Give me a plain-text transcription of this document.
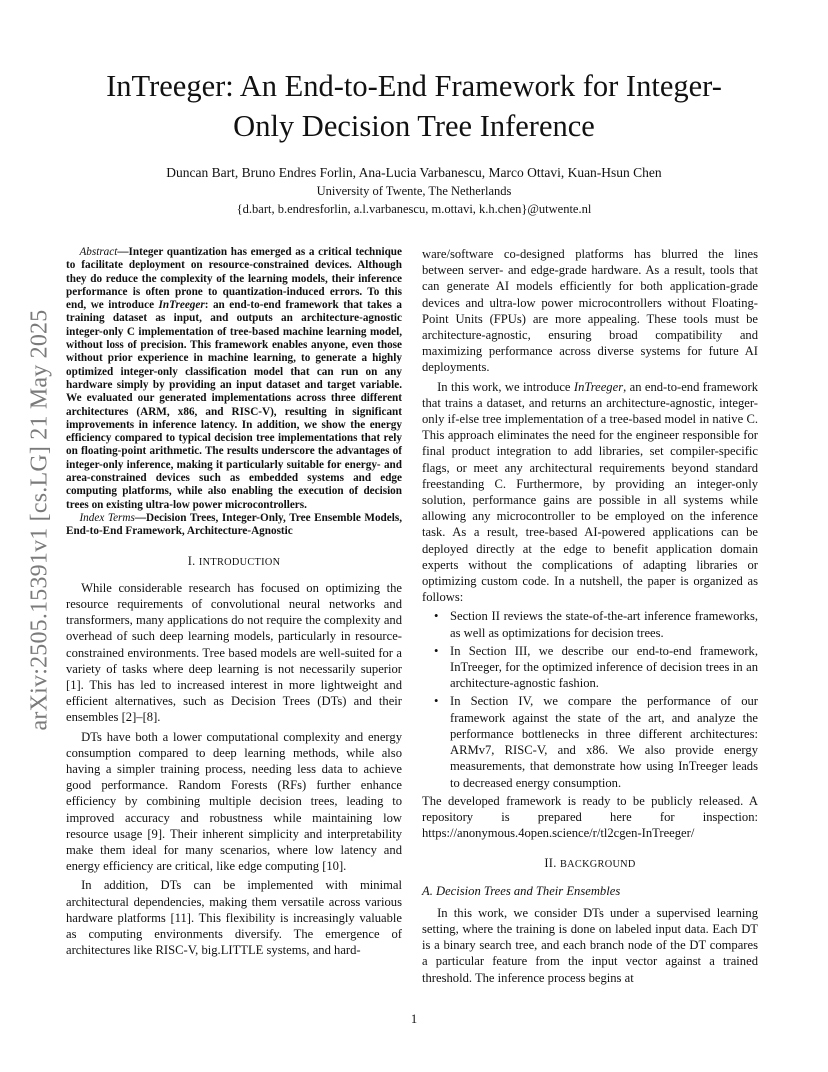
InTreeger: An End-to-End Framework for Integer-Only Decision Tree Inference
Duncan Bart, Bruno Endres Forlin, Ana-Lucia Varbanescu, Marco Ottavi, Kuan-Hsun Chen
University of Twente, The Netherlands
{d.bart, b.endresforlin, a.l.varbanescu, m.ottavi, k.h.chen}@utwente.nl
arXiv:2505.15391v1 [cs.LG] 21 May 2025

Abstract—Integer quantization has emerged as a critical technique to facilitate deployment on resource-constrained devices. Although they do reduce the complexity of the learning models, their inference performance is often prone to quantization-induced errors. To this end, we introduce InTreeger: an end-to-end framework that takes a training dataset as input, and outputs an architecture-agnostic integer-only C implementation of tree-based machine learning model, without loss of precision. This framework enables anyone, even those without prior experience in machine learning, to generate a highly optimized integer-only classification model that can run on any hardware simply by providing an input dataset and target variable. We evaluated our generated implementations across three different architectures (ARM, x86, and RISC-V), resulting in significant improvements in inference latency. In addition, we show the energy efficiency compared to typical decision tree implementations that rely on floating-point arithmetic. The results underscore the advantages of integer-only inference, making it particularly suitable for energy- and area-constrained devices such as embedded systems and edge computing platforms, while also enabling the execution of decision trees on existing ultra-low power microcontrollers.

Index Terms—Decision Trees, Integer-Only, Tree Ensemble Models, End-to-End Framework, Architecture-Agnostic

I. INTRODUCTION

While considerable research has focused on optimizing the resource requirements of convolutional neural networks and transformers, many applications do not require the complexity and overhead of such deep learning models, particularly in resource-constrained environments. Tree based models are well-suited for a variety of tasks where deep learning is not necessarily superior [1]. This has led to increased interest in more lightweight and efficient alternatives, such as Decision Trees (DTs) and their ensembles [2]–[8].

DTs have both a lower computational complexity and energy consumption compared to deep learning methods, while also having a simpler training process, needing less data to achieve good performance. Random Forests (RFs) further enhance efficiency by combining multiple decision trees, leading to improved accuracy and robustness while maintaining low resource usage [9]. Their inherent simplicity and interpretability make them ideal for many scenarios, where low latency and energy efficiency are critical, like edge computing [10].

In addition, DTs can be implemented with minimal architectural dependencies, making them versatile across various hardware platforms [11]. This flexibility is increasingly valuable as computing environments diversify. The emergence of architectures like RISC-V, big.LITTLE systems, and hard-

ware/software co-designed platforms has blurred the lines between server- and edge-grade hardware. As a result, tools that can generate AI models efficiently for both application-grade devices and ultra-low power microcontrollers without Floating-Point Units (FPUs) are more appealing. These tools must be architecture-agnostic, ensuring broad compatibility and maximizing performance across diverse systems for future AI deployments.

In this work, we introduce InTreeger, an end-to-end framework that trains a dataset, and returns an architecture-agnostic, integer-only if-else tree implementation of a tree-based model in native C. This approach eliminates the need for the engineer responsible for final product integration to add libraries, set compiler-specific flags, or meet any architectural requirements beyond standard freestanding C. Furthermore, by providing an integer-only solution, performance gains are possible in all systems while allowing any microcontroller to be employed on the inference task. As a result, tree-based AI-powered applications can be deployed directly at the edge to benefit application domain experts without the complications of adapting libraries or optimizing custom code. In a nutshell, the paper is organized as follows:

• Section II reviews the state-of-the-art inference frameworks, as well as optimizations for decision trees.
• In Section III, we describe our end-to-end framework, InTreeger, for the optimized inference of decision trees in an architecture-agnostic fashion.
• In Section IV, we compare the performance of our framework against the state of the art, and analyze the performance bottlenecks in three different architectures: ARMv7, RISC-V, and x86. We also provide energy measurements, that demonstrate how using InTreeger leads to decreased energy consumption.

The developed framework is ready to be publicly released. A repository is prepared here for inspection: https://anonymous.4open.science/r/tl2cgen-InTreeger/

II. BACKGROUND
A. Decision Trees and Their Ensembles

In this work, we consider DTs under a supervised learning setting, where the training is done on labeled input data. Each DT is a binary search tree, and each branch node of the DT compares a particular feature from the input vector against a trained threshold. The inference process begins at

1
